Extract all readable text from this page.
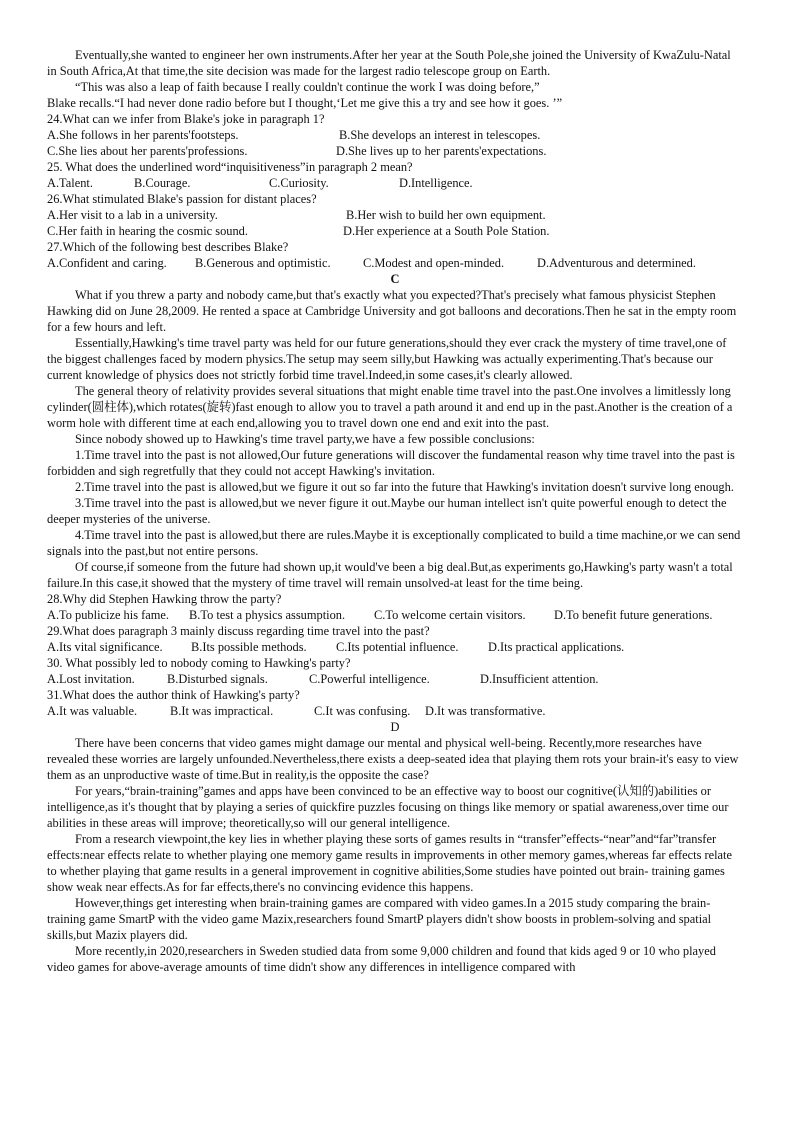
Eventually,she wanted to engineer her own instruments.After her year at the South Pole,she joined the University of KwaZulu-Natal in South Africa,At that time,the site decision was made for the largest radio telescope group on Earth.

“This was also a leap of faith because I really couldn't continue the work I was doing before,”

Blake recalls.“I had never done radio before but I thought,‘Let me give this a try and see how it goes. ’”

24.What can we infer from Blake's joke in paragraph 1?

A.She follows in her parents'footsteps.	B.She develops an interest in telescopes.
C.She lies about her parents'professions.	D.She lives up to her parents'expectations.

25. What does the underlined word“inquisitiveness”in paragraph 2 mean?

A.Talent.	B.Courage.	C.Curiosity.	D.Intelligence.

26.What stimulated Blake's passion for distant places?

A.Her visit to a lab in a university.	B.Her wish to build her own equipment.
C.Her faith in hearing the cosmic sound.	D.Her experience at a South Pole Station.

27.Which of the following best describes Blake?

A.Confident and caring.	B.Generous and optimistic.	C.Modest and open-minded.	D.Adventurous and determined.

C

What if you threw a party and nobody came,but that's exactly what you expected?That's precisely what famous physicist Stephen Hawking did on June 28,2009. He rented a space at Cambridge University and got balloons and decorations.Then he sat in the empty room for a few hours and left.

Essentially,Hawking's time travel party was held for our future generations,should they ever crack the mystery of time travel,one of the biggest challenges faced by modern physics.The setup may seem silly,but Hawking was actually experimenting.That's because our current knowledge of physics does not strictly forbid time travel.Indeed,in some cases,it's clearly allowed.

The general theory of relativity provides several situations that might enable time travel into the past.One involves a limitlessly long cylinder(圆柱体),which rotates(旋转)fast enough to allow you to travel a path around it and end up in the past.Another is the creation of a worm hole with different time at each end,allowing you to travel down one end and exit into the past.

Since nobody showed up to Hawking's time travel party,we have a few possible conclusions:

1.Time travel into the past is not allowed,Our future generations will discover the fundamental reason why time travel into the past is forbidden and sigh regretfully that they could not accept Hawking's invitation.

2.Time travel into the past is allowed,but we figure it out so far into the future that Hawking's invitation doesn't survive long enough.

3.Time travel into the past is allowed,but we never figure it out.Maybe our human intellect isn't quite powerful enough to detect the deeper mysteries of the universe.

4.Time travel into the past is allowed,but there are rules.Maybe it is exceptionally complicated to build a time machine,or we can send signals into the past,but not entire persons.

Of course,if someone from the future had shown up,it would've been a big deal.But,as experiments go,Hawking's party wasn't a total failure.In this case,it showed that the mystery of time travel will remain unsolved-at least for the time being.

28.Why did Stephen Hawking throw the party?

A.To publicize his fame.	B.To test a physics assumption.	C.To welcome certain visitors.	D.To benefit future generations.

29.What does paragraph 3 mainly discuss regarding time travel into the past?

A.Its vital significance.	B.Its possible methods.	C.Its potential influence.	D.Its practical applications.

30. What possibly led to nobody coming to Hawking's party?

A.Lost invitation.	B.Disturbed signals.	C.Powerful intelligence.	D.Insufficient attention.

31.What does the author think of Hawking's party?

A.It was valuable.	B.It was impractical.	C.It was confusing.	D.It was transformative.

D

There have been concerns that video games might damage our mental and physical well-being. Recently,more researches have revealed these worries are largely unfounded.Nevertheless,there exists a deep-seated idea that playing them rots your brain-it's easy to view them as an unproductive waste of time.But in reality,is the opposite the case?

For years,“brain-training”games and apps have been convinced to be an effective way to boost our cognitive(认知的)abilities or intelligence,as it's thought that by playing a series of quickfire puzzles focusing on things like memory or spatial awareness,over time our abilities in these areas will improve; theoretically,so will our general intelligence.

From a research viewpoint,the key lies in whether playing these sorts of games results in “transfer”effects-“near”and“far”transfer effects:near effects relate to whether playing one memory game results in improvements in other memory games,whereas far effects relate to whether playing that game results in a general improvement in cognitive abilities,Some studies have pointed out brain- training games show weak near effects.As for far effects,there's no convincing evidence this happens.

However,things get interesting when brain-training games are compared with video games.In a 2015 study comparing the brain-training game SmartP with the video game Mazix,researchers found SmartP players didn't show boosts in problem-solving and spatial skills,but Mazix players did.

More recently,in 2020,researchers in Sweden studied data from some 9,000 children and found that kids aged 9 or 10 who played video games for above-average amounts of time didn't show any differences in intelligence compared with
